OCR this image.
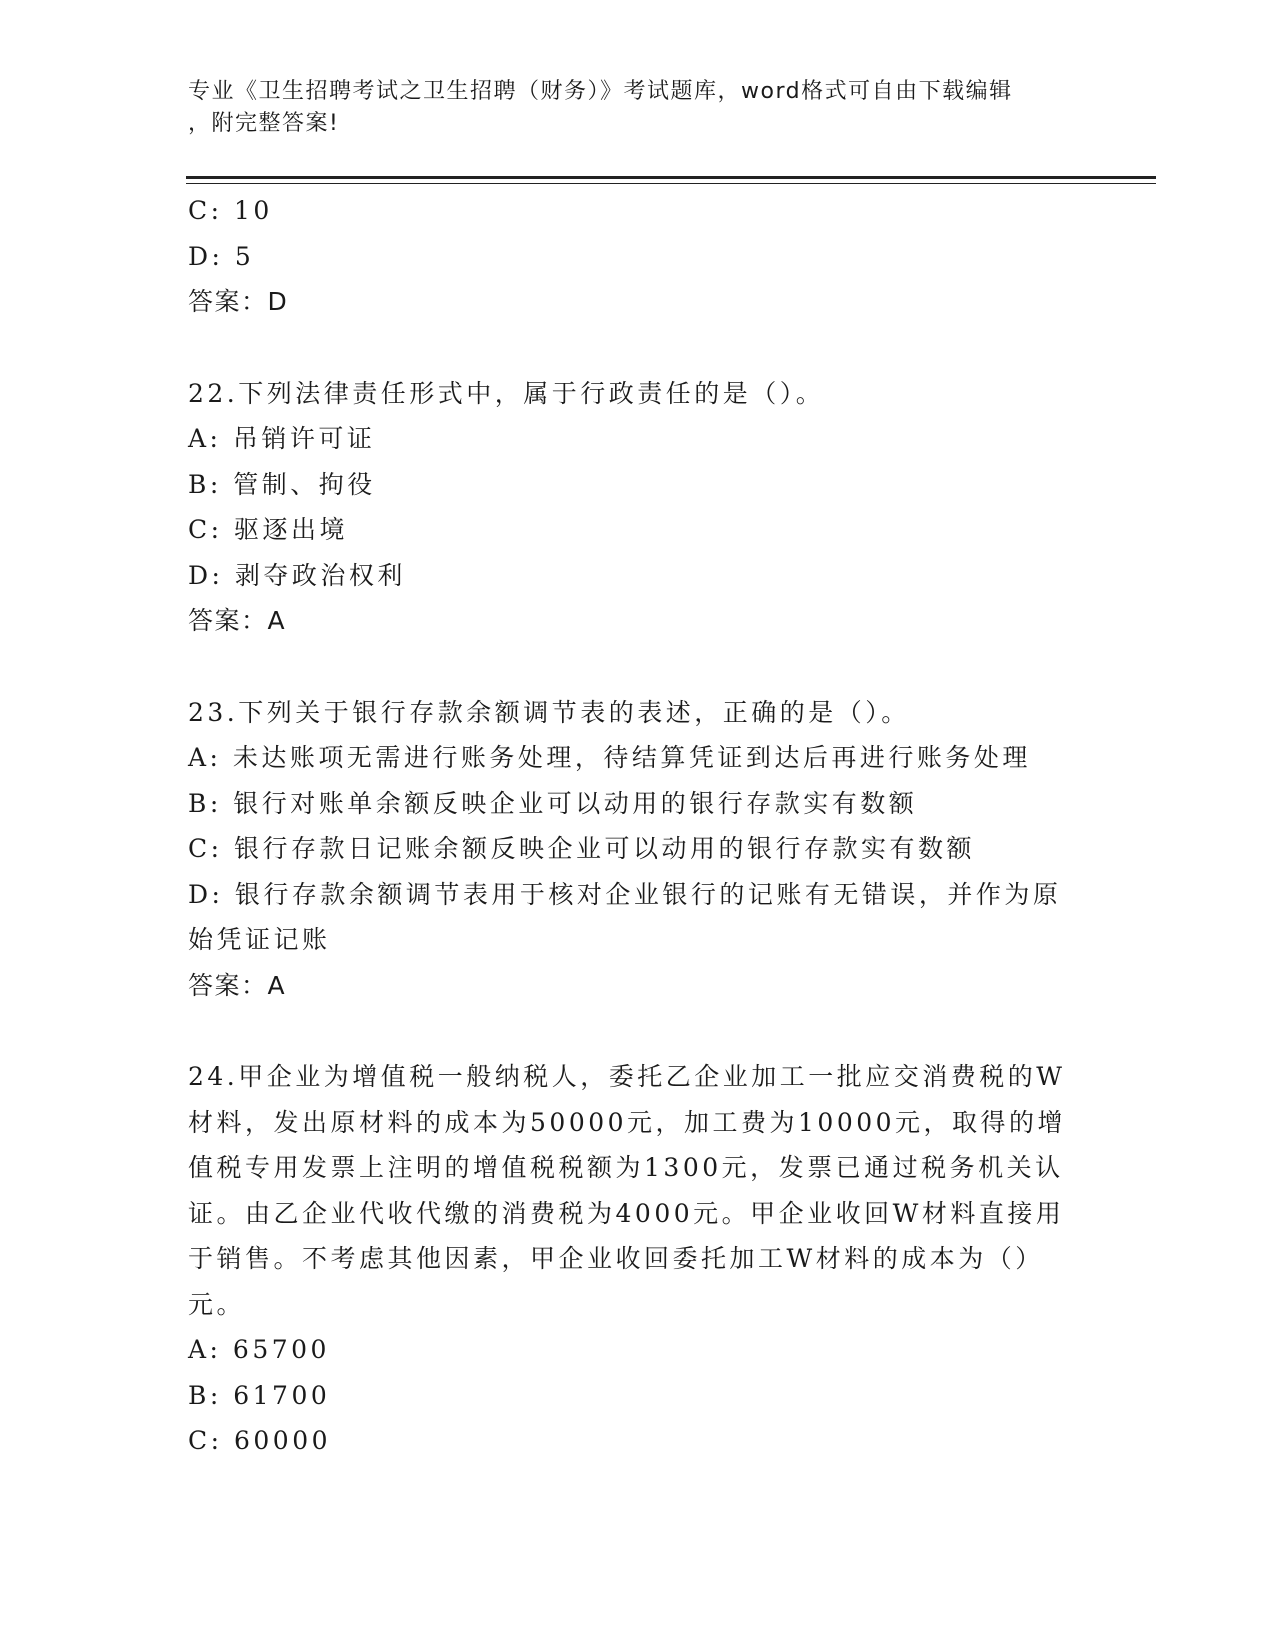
专业《卫生招聘考试之卫生招聘（财务）》考试题库，word格式可自由下载编辑
，附完整答案!
C: 10
D: 5
答案：D
22.下列法律责任形式中，属于行政责任的是（）。
A: 吊销许可证
B: 管制、拘役
C: 驱逐出境
D: 剥夺政治权利
答案：A
23.下列关于银行存款余额调节表的表述，正确的是（）。
A: 未达账项无需进行账务处理，待结算凭证到达后再进行账务处理
B: 银行对账单余额反映企业可以动用的银行存款实有数额
C: 银行存款日记账余额反映企业可以动用的银行存款实有数额
D: 银行存款余额调节表用于核对企业银行的记账有无错误，并作为原
始凭证记账
答案：A
24.甲企业为增值税一般纳税人，委托乙企业加工一批应交消费税的W
材料，发出原材料的成本为50000元，加工费为10000元，取得的增
值税专用发票上注明的增值税税额为1300元，发票已通过税务机关认
证。由乙企业代收代缴的消费税为4000元。甲企业收回W材料直接用
于销售。不考虑其他因素，甲企业收回委托加工W材料的成本为（）
元。
A: 65700
B: 61700
C: 60000
